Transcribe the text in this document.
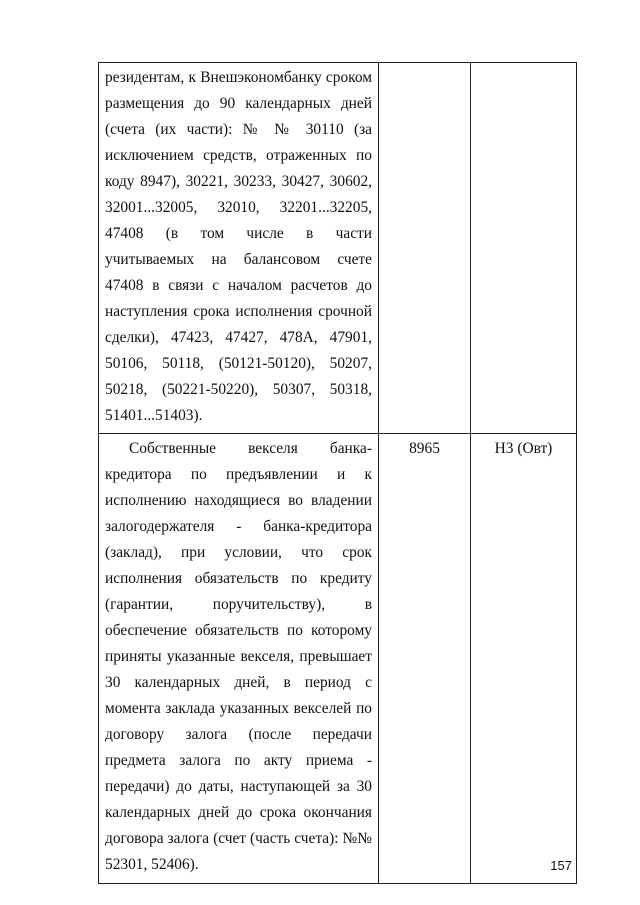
резидентам, к Внешэкономбанку сроком размещения до 90 календарных дней (счета (их части): № № 30110 (за исключением средств, отраженных по коду 8947), 30221, 30233, 30427, 30602, 32001...32005, 32010, 32201...32205, 47408 (в том числе в части учитываемых на балансовом счете 47408 в связи с началом расчетов до наступления срока исполнения срочной сделки), 47423, 47427, 478А, 47901, 50106, 50118, (50121-50120), 50207, 50218, (50221-50220), 50307, 50318, 51401...51403).		

Собственные векселя банка-кредитора по предъявлении и к исполнению находящиеся во владении залогодержателя - банка-кредитора (заклад), при условии, что срок исполнения обязательств по кредиту (гарантии, поручительству), в обеспечение обязательств по которому приняты указанные векселя, превышает 30 календарных дней, в период с момента заклада указанных векселей по договору залога (после передачи предмета залога по акту приема - передачи) до даты, наступающей за 30 календарных дней до срока окончания договора залога (счет (часть счета): №№ 52301, 52406).	8965	Н3 (Овт)
157
